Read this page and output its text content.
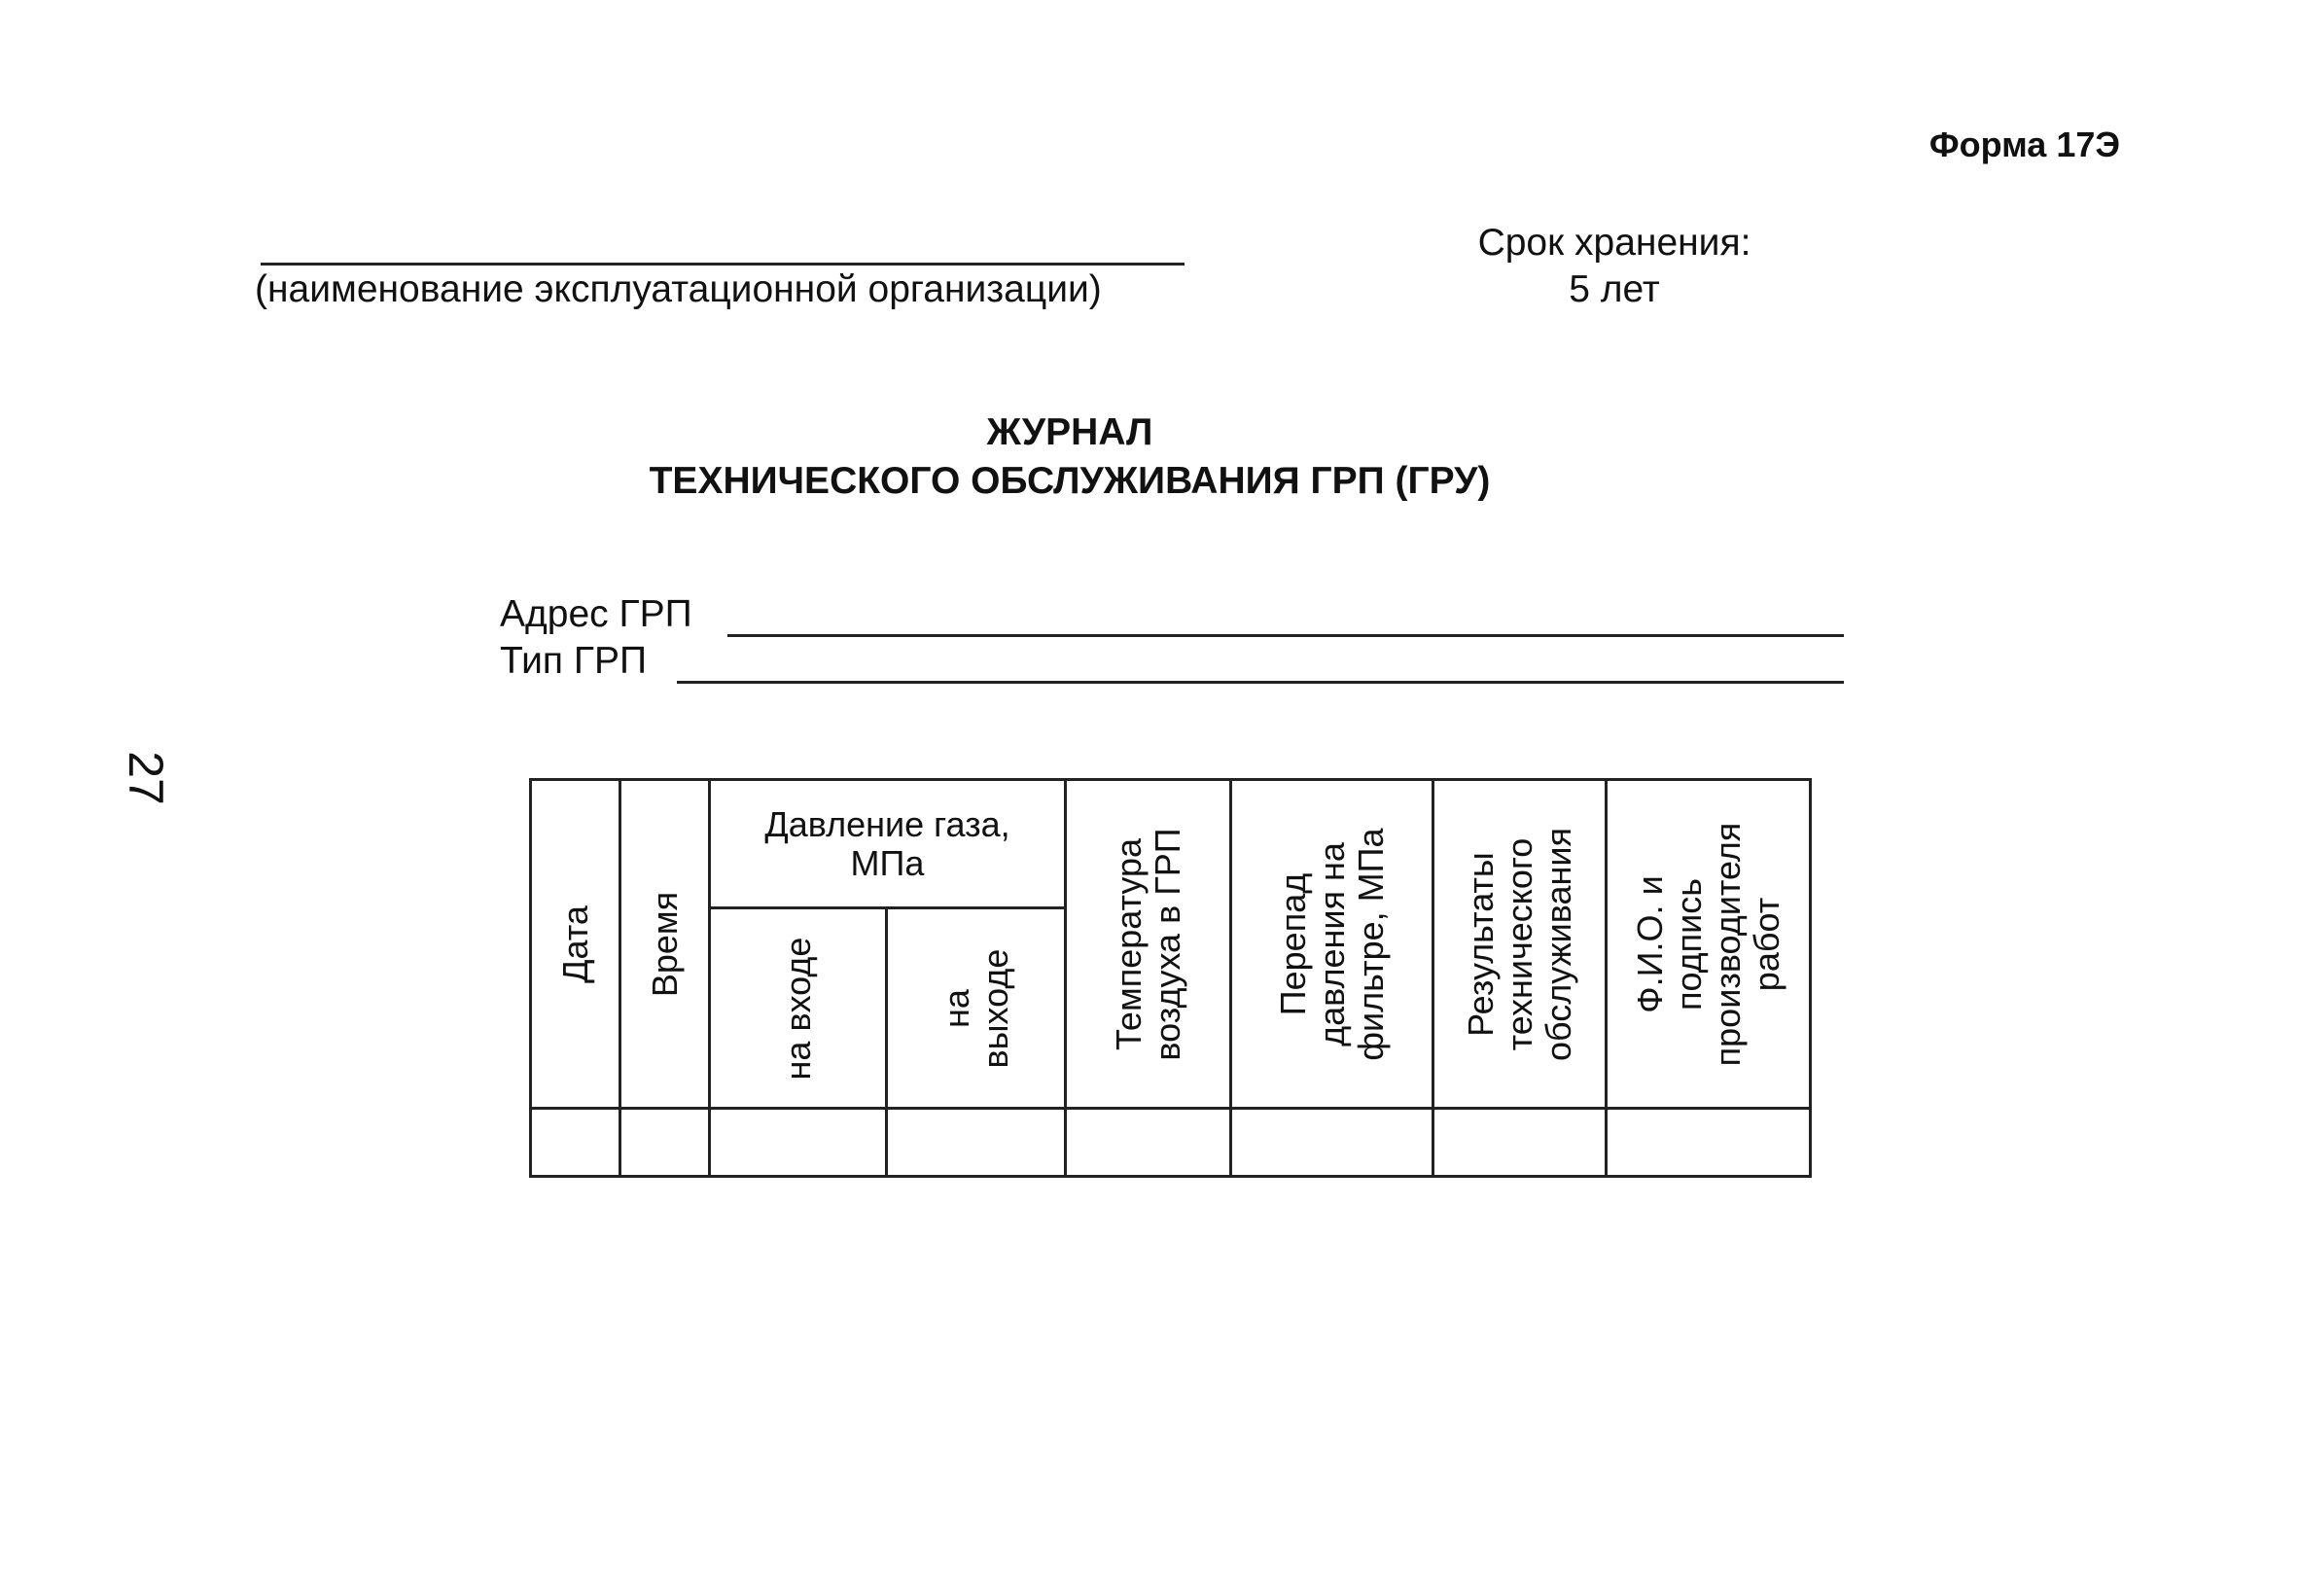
Форма 17Э
(наименование эксплуатационной организации)
Срок хранения:
5 лет
ЖУРНАЛ
ТЕХНИЧЕСКОГО ОБСЛУЖИВАНИЯ ГРП (ГРУ)
Адрес ГРП
Тип ГРП
27
Дата	Время	Давление газа, МПа		Температура воздуха в ГРП	Перепад давления на фильтре, МПа	Результаты технического обслуживания	Ф.И.О. и подпись производителя работ

		на входе	на выходе				
